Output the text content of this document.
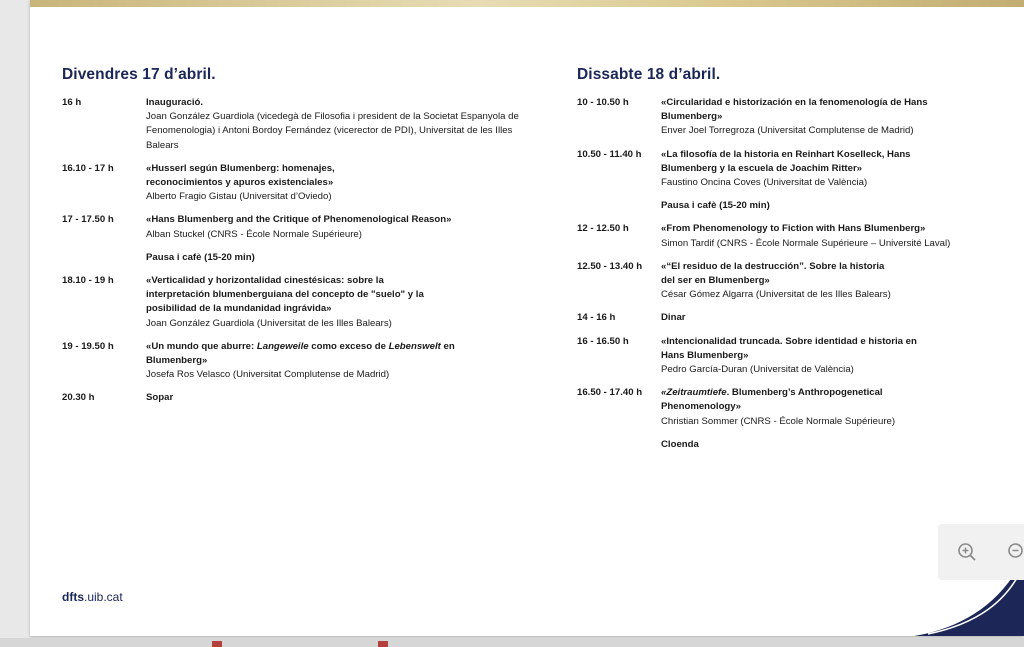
Divendres 17 d’abril.
16 h	Inauguració.
Joan González Guardiola (vicedegà de Filosofia i president de la Societat Espanyola de Fenomenologia) i Antoni Bordoy Fernández (vicerector de PDI), Universitat de les Illes Balears
16.10 - 17 h	«Husserl según Blumenberg: homenajes, reconocimientos y apuros existenciales»
Alberto Fragio Gistau (Universitat d’Oviedo)
17 - 17.50 h	«Hans Blumenberg and the Critique of Phenomenological Reason»
Alban Stuckel (CNRS - École Normale Supérieure)
Pausa i cafè (15-20 min)
18.10 - 19 h	«Verticalidad y horizontalidad cinestésicas: sobre la interpretación blumenberguiana del concepto de "suelo" y la posibilidad de la mundanidad ingrávida»
Joan González Guardiola (Universitat de les Illes Balears)
19 - 19.50 h	«Un mundo que aburre: Langeweile como exceso de Lebenswelt en Blumenberg»
Josefa Ros Velasco (Universitat Complutense de Madrid)
20.30 h	Sopar
Dissabte 18 d’abril.
10 - 10.50 h	«Circularidad e historización en la fenomenología de Hans Blumenberg»
Enver Joel Torregroza (Universitat Complutense de Madrid)
10.50 - 11.40 h	«La filosofía de la historia en Reinhart Koselleck, Hans Blumenberg y la escuela de Joachim Ritter»
Faustino Oncina Coves (Universitat de València)
Pausa i cafè (15-20 min)
12 - 12.50 h	«From Phenomenology to Fiction with Hans Blumenberg»
Simon Tardif (CNRS - École Normale Supérieure – Université Laval)
12.50 - 13.40 h	«“El residuo de la destrucción”. Sobre la historia del ser en Blumenberg»
César Gómez Algarra (Universitat de les Illes Balears)
14 - 16 h	Dinar
16 - 16.50 h	«Intencionalidad truncada. Sobre identidad e historia en Hans Blumenberg»
Pedro García-Duran (Universitat de València)
16.50 - 17.40 h	«Zeitraumtiefe. Blumenberg’s Anthropogenetical Phenomenology»
Christian Sommer (CNRS - École Normale Supérieure)
Cloenda
dfts.uib.cat
